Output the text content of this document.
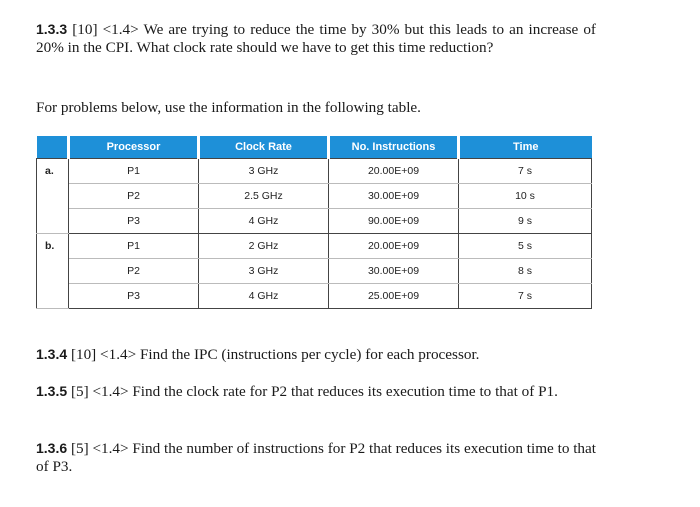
1.3.3 [10] <1.4> We are trying to reduce the time by 30% but this leads to an increase of 20% in the CPI. What clock rate should we have to get this time reduction?
For problems below, use the information in the following table.
	Processor	Clock Rate	No. Instructions	Time
a.	P1	3 GHz	20.00E+09	7 s
	P2	2.5 GHz	30.00E+09	10 s
	P3	4 GHz	90.00E+09	9 s
b.	P1	2 GHz	20.00E+09	5 s
	P2	3 GHz	30.00E+09	8 s
	P3	4 GHz	25.00E+09	7 s
1.3.4 [10] <1.4> Find the IPC (instructions per cycle) for each processor.
1.3.5 [5] <1.4> Find the clock rate for P2 that reduces its execution time to that of P1.
1.3.6 [5] <1.4> Find the number of instructions for P2 that reduces its execution time to that of P3.
